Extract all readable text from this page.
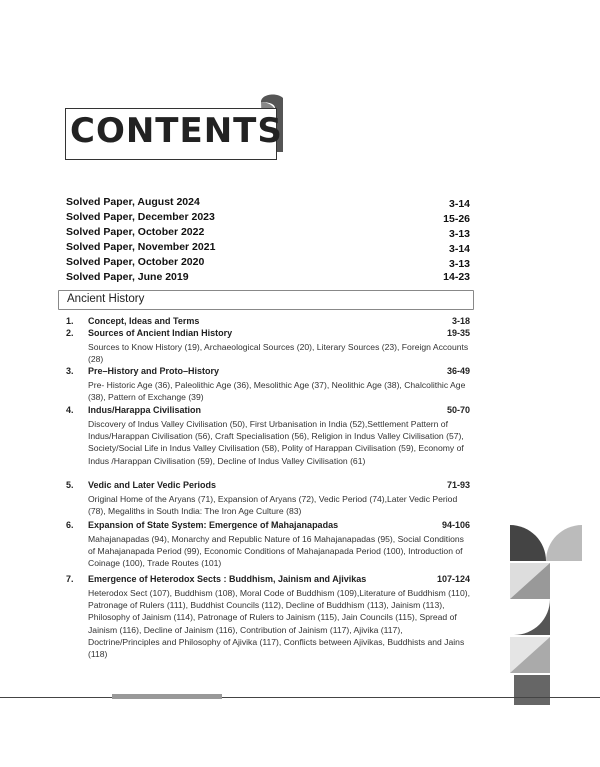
CONTENTS
Solved Paper, August 2024	3-14
Solved Paper, December 2023	15-26
Solved Paper, October 2022	3-13
Solved Paper, November 2021	3-14
Solved Paper, October 2020	3-13
Solved Paper, June 2019	14-23
Ancient History
1. Concept, Ideas and Terms	3-18
2. Sources of Ancient Indian History	19-35
Sources to Know History (19), Archaeological Sources (20), Literary Sources (23), Foreign Accounts (28)
3. Pre–History and Proto–History	36-49
Pre- Historic Age (36), Paleolithic Age (36), Mesolithic Age (37), Neolithic Age (38), Chalcolithic Age (38), Pattern of Exchange (39)
4. Indus/Harappa Civilisation	50-70
Discovery of Indus Valley Civilisation (50), First Urbanisation in India (52),Settlement Pattern of Indus/Harappan Civilisation (56), Craft Specialisation (56), Religion in Indus Valley Civilisation (57), Society/Social Life in Indus Valley Civilisation (58), Polity of Harappan Civilisation (59), Economy of Indus /Harappan Civilisation (59), Decline of Indus Valley Civilisation (61)
5. Vedic and Later Vedic Periods	71-93
Original Home of the Aryans (71), Expansion of Aryans (72), Vedic Period (74),Later Vedic Period (78), Megaliths in South India: The Iron Age Culture (83)
6. Expansion of State System: Emergence of Mahajanapadas	94-106
Mahajanapadas (94), Monarchy and Republic Nature of 16 Mahajanapadas (95), Social Conditions of Mahajanapada Period (99), Economic Conditions of Mahajanapada Period (100), Introduction of Coinage (100), Trade Routes (101)
7. Emergence of Heterodox Sects : Buddhism, Jainism and Ajivikas	107-124
Heterodox Sect (107), Buddhism (108), Moral Code of Buddhism (109),Literature of Buddhism (110), Patronage of Rulers (111), Buddhist Councils (112), Decline of Buddhism (113), Jainism (113), Philosophy of Jainism (114), Patronage of Rulers to Jainism (115), Jain Councils (115), Spread of Jainism (116), Decline of Jainism (116), Contribution of Jainism (117), Ajivika (117), Doctrine/Principles and Philosophy of Ajivika (117), Conflicts between Ajivikas, Buddhists and Jains (118)
